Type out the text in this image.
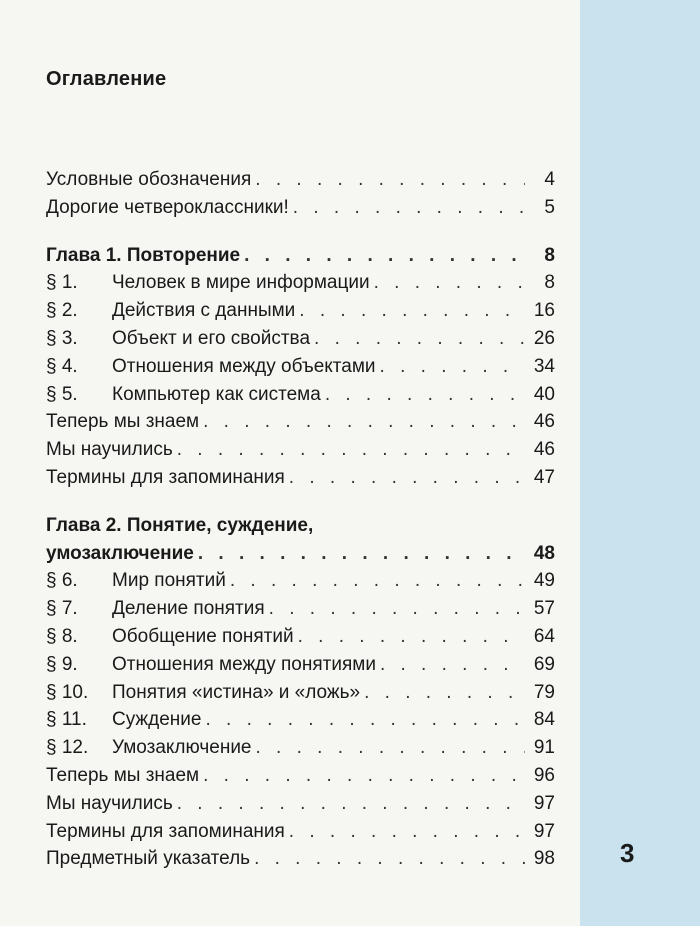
Оглавление
Условные обозначения . . .	4
Дорогие четвероклассники! . . .	5
Глава 1. Повторение . . .	8
§ 1.	Человек в мире информации . . .	8
§ 2.	Действия с данными . . .	16
§ 3.	Объект и его свойства . . .	26
§ 4.	Отношения между объектами . . .	34
§ 5.	Компьютер как система . . .	40
Теперь мы знаем . . .	46
Мы научились . . .	46
Термины для запоминания . . .	47
Глава 2. Понятие, суждение,
умозаключение . . .	48
§ 6.	Мир понятий . . .	49
§ 7.	Деление понятия . . .	57
§ 8.	Обобщение понятий . . .	64
§ 9.	Отношения между понятиями . . .	69
§ 10.	Понятия «истина» и «ложь» . . .	79
§ 11.	Суждение . . .	84
§ 12.	Умозаключение . . .	91
Теперь мы знаем . . .	96
Мы научились . . .	97
Термины для запоминания . . .	97
Предметный указатель . . .	98	3
